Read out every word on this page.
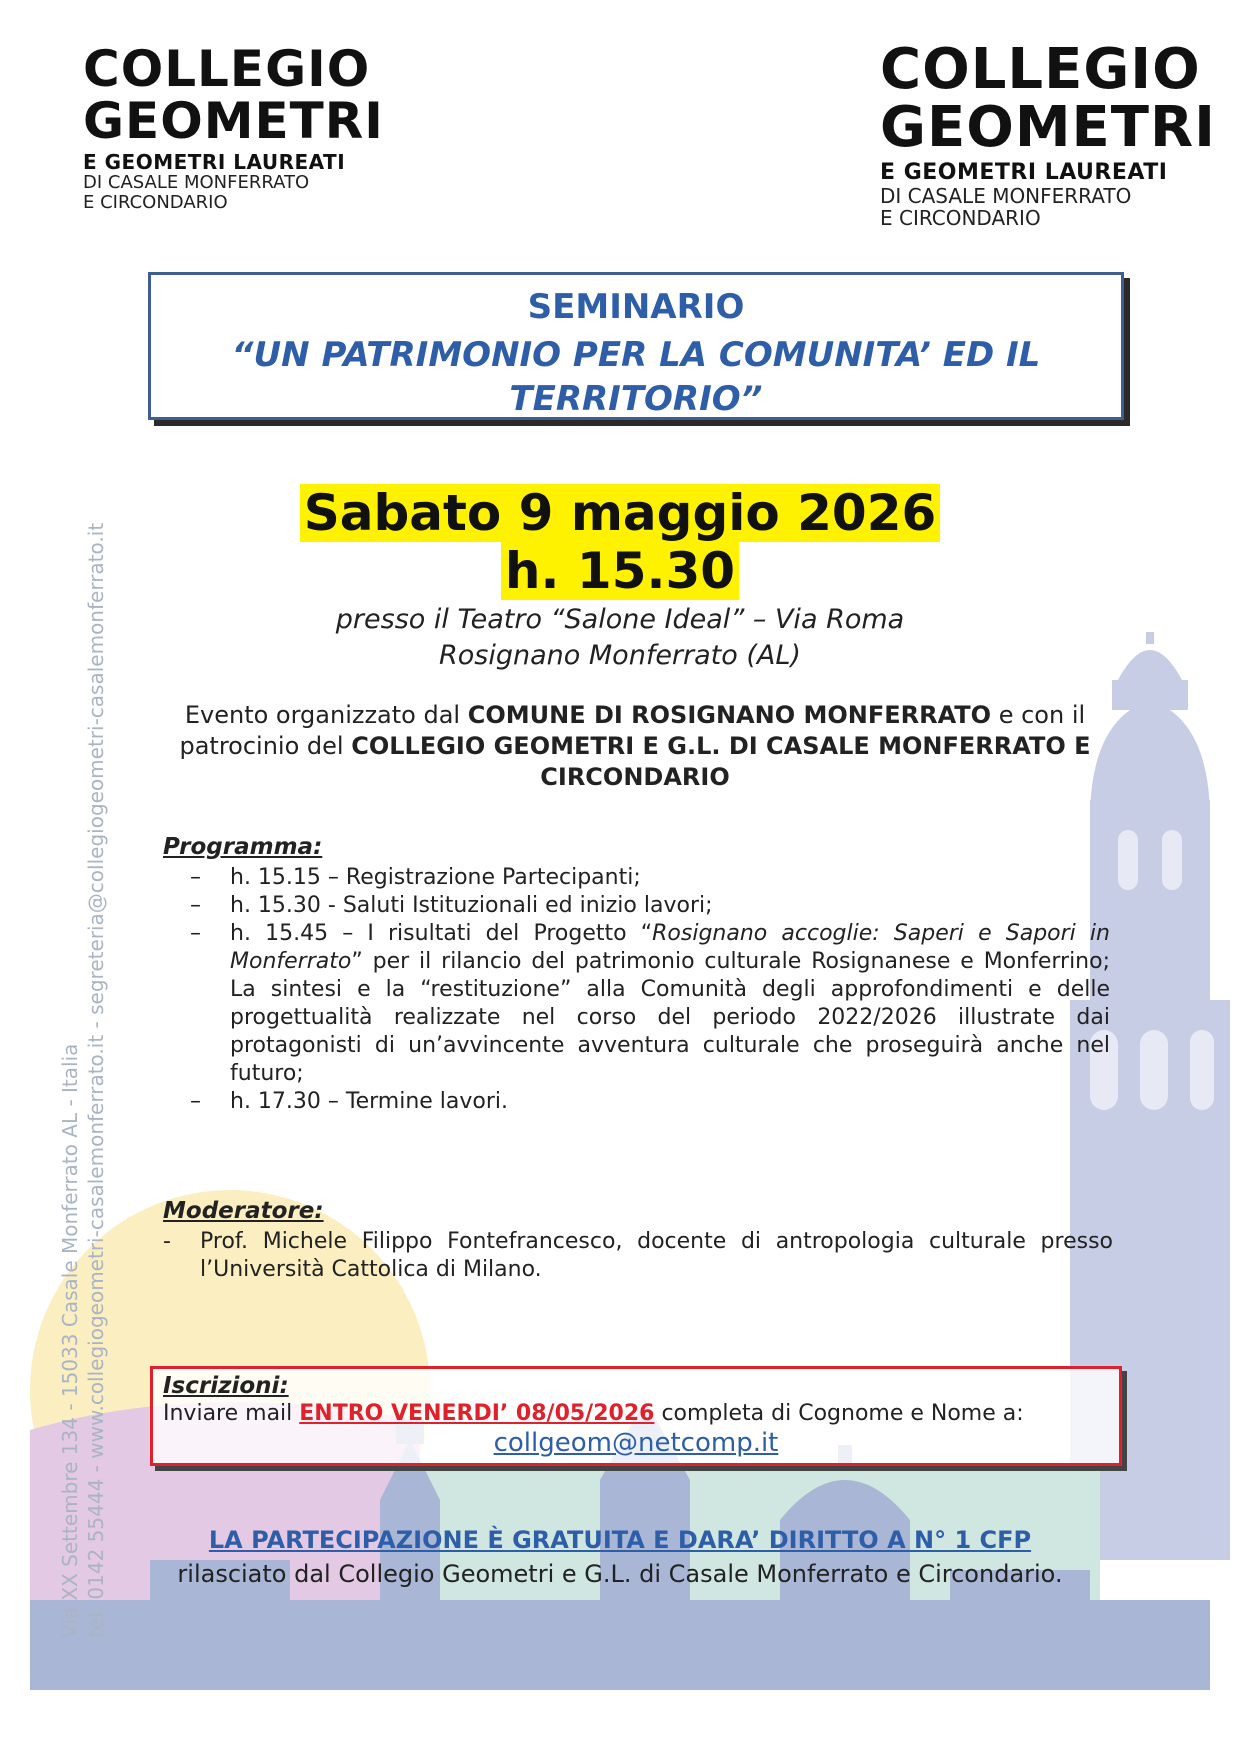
COLLEGIO
GEOMETRI
E GEOMETRI LAUREATI
DI CASALE MONFERRATO
E CIRCONDARIO
COLLEGIO
GEOMETRI
E GEOMETRI LAUREATI
DI CASALE MONFERRATO
E CIRCONDARIO
SEMINARIO
“UN PATRIMONIO PER LA COMUNITA’ ED IL TERRITORIO”
Sabato 9 maggio 2026
h. 15.30
presso il Teatro “Salone Ideal” – Via Roma
Rosignano Monferrato (AL)
Evento organizzato dal COMUNE DI ROSIGNANO MONFERRATO e con il patrocinio del COLLEGIO GEOMETRI E G.L. DI CASALE MONFERRATO E CIRCONDARIO
Programma:
– h. 15.15 – Registrazione Partecipanti;
– h. 15.30 - Saluti Istituzionali ed inizio lavori;
– h. 15.45 – I risultati del Progetto “Rosignano accoglie: Saperi e Sapori in Monferrato” per il rilancio del patrimonio culturale Rosignanese e Monferrino; La sintesi e la “restituzione” alla Comunità degli approfondimenti e delle progettualità realizzate nel corso del periodo 2022/2026 illustrate dai protagonisti di un’avvincente avventura culturale che proseguirà anche nel futuro;
– h. 17.30 – Termine lavori.
Moderatore:
- Prof. Michele Filippo Fontefrancesco, docente di antropologia culturale presso l’Università Cattolica di Milano.
Iscrizioni:
Inviare mail ENTRO VENERDI’ 08/05/2026 completa di Cognome e Nome a:
collgeom@netcomp.it
LA PARTECIPAZIONE È GRATUITA E DARA’ DIRITTO A N° 1 CFP
rilasciato dal Collegio Geometri e G.L. di Casale Monferrato e Circondario.
Via XX Settembre 134 - 15033 Casale Monferrato AL - Italia tel. 0142 55444 - www.collegiogeometri-casalemonferrato.it - segreteria@collegiogeometri-casalemonferrato.it
